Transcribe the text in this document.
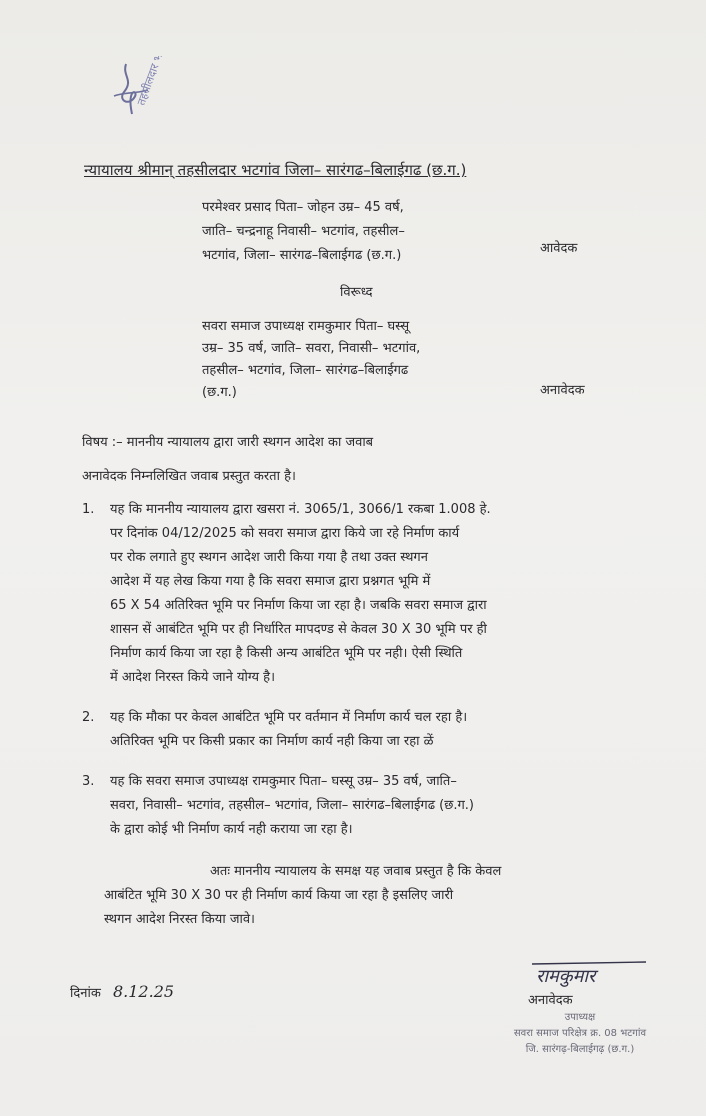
तहसीलदार भटगांव
न्यायालय श्रीमान् तहसीलदार भटगांव जिला– सारंगढ–बिलाईगढ (छ.ग.)
परमेश्वर प्रसाद पिता– जोहन उम्र– 45 वर्ष,
जाति– चन्द्रनाहू निवासी– भटगांव, तहसील–
भटगांव, जिला– सारंगढ–बिलाईगढ (छ.ग.)	आवेदक
विरूध्द
सवरा समाज उपाध्यक्ष रामकुमार पिता– घस्सू
उम्र– 35 वर्ष, जाति– सवरा, निवासी– भटगांव,
तहसील– भटगांव, जिला– सारंगढ–बिलाईगढ
(छ.ग.)	अनावेदक
विषय :– माननीय न्यायालय द्वारा जारी स्थगन आदेश का जवाब
अनावेदक निम्नलिखित जवाब प्रस्तुत करता है।
1.	यह कि माननीय न्यायालय द्वारा खसरा नं. 3065/1, 3066/1 रकबा 1.008 हे.
पर दिनांक 04/12/2025 को सवरा समाज द्वारा किये जा रहे निर्माण कार्य
पर रोक लगाते हुए स्थगन आदेश जारी किया गया है तथा उक्त स्थगन
आदेश में यह लेख किया गया है कि सवरा समाज द्वारा प्रश्नगत भूमि में
65 X 54 अतिरिक्त भूमि पर निर्माण किया जा रहा है। जबकि सवरा समाज द्वारा
शासन सें आबंटित भूमि पर ही निर्धारित मापदण्ड से केवल 30 X 30 भूमि पर ही
निर्माण कार्य किया जा रहा है किसी अन्य आबंटित भूमि पर नही। ऐसी स्थिति
में आदेश निरस्त किये जाने योग्य है।
2.	यह कि मौका पर केवल आबंटित भूमि पर वर्तमान में निर्माण कार्य चल रहा है।
अतिरिक्त भूमि पर किसी प्रकार का निर्माण कार्य नही किया जा रहा ळें
3.	यह कि सवरा समाज उपाध्यक्ष रामकुमार पिता– घस्सू उम्र– 35 वर्ष, जाति–
सवरा, निवासी– भटगांव, तहसील– भटगांव, जिला– सारंगढ–बिलाईगढ (छ.ग.)
के द्वारा कोई भी निर्माण कार्य नही कराया जा रहा है।
अतः माननीय न्यायालय के समक्ष यह जवाब प्रस्तुत है कि केवल
आबंटित भूमि 30 X 30 पर ही निर्माण कार्य किया जा रहा है इसलिए जारी
स्थगन आदेश निरस्त किया जावे।
दिनांक 8.12.25
रामकुमार
अनावेदक
उपाध्यक्ष
सवरा समाज परिक्षेत्र क्र. 08 भटगांव
जि. सारंगढ़-बिलाईगढ़ (छ.ग.)
